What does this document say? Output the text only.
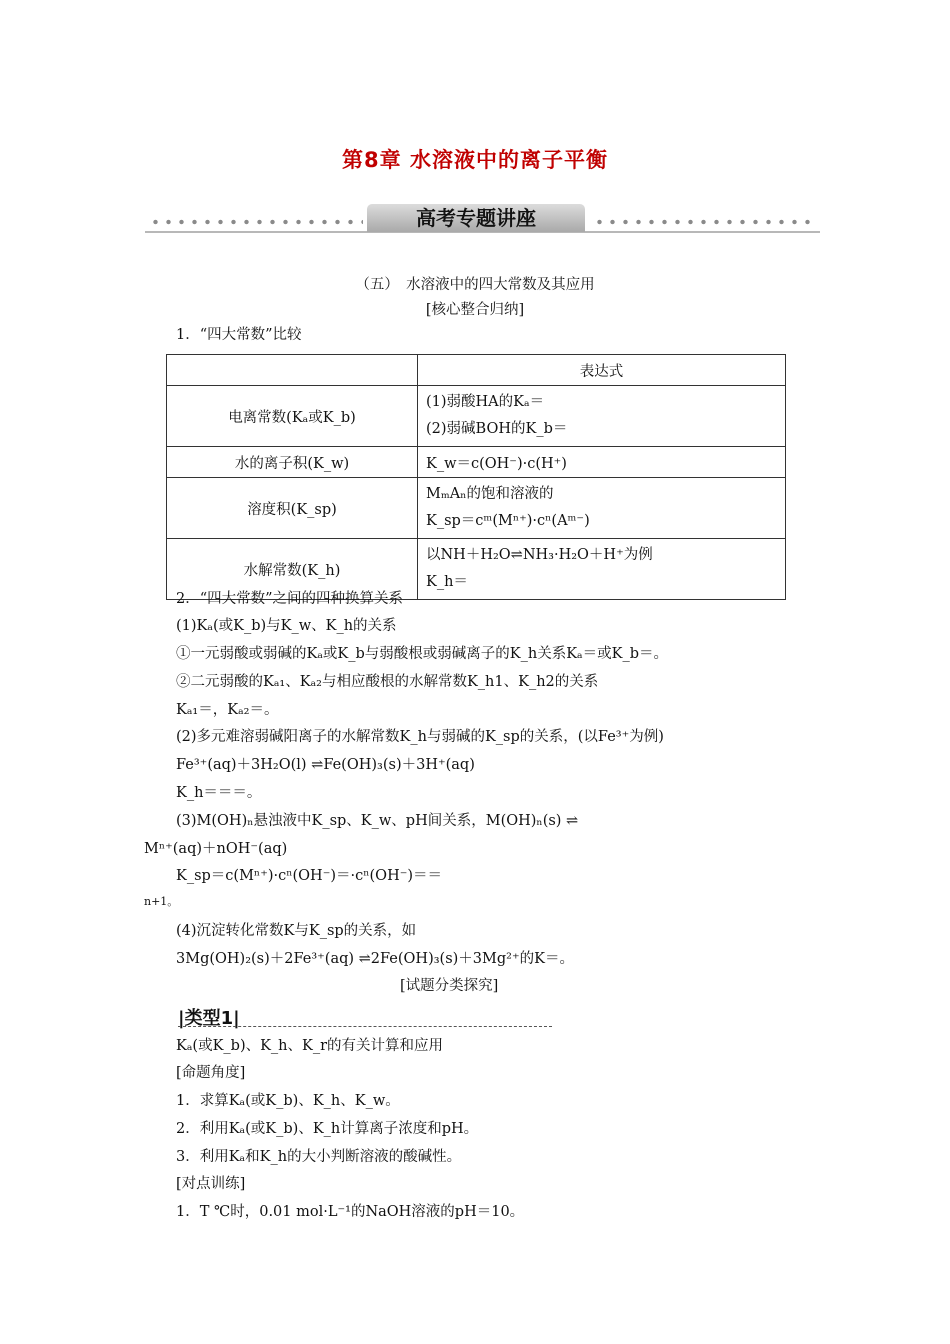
第8章 水溶液中的离子平衡
高考专题讲座
（五）　水溶液中的四大常数及其应用
[核心整合归纳]
1．“四大常数”比较
	表达式
电离常数(Kₐ或K_b)	(1)弱酸HA的Kₐ＝
(2)弱碱BOH的K_b＝

水的离子积(K_w)	K_w＝c(OH⁻)·c(H⁺)

溶度积(K_sp)	MₘAₙ的饱和溶液的
K_sp＝cᵐ(Mⁿ⁺)·cⁿ(Aᵐ⁻)

水解常数(K_h)	以NH＋H₂O⇌NH₃·H₂O＋H⁺为例
K_h＝
2．“四大常数”之间的四种换算关系
(1)Kₐ(或K_b)与K_w、K_h的关系
①一元弱酸或弱碱的Kₐ或K_b与弱酸根或弱碱离子的K_h关系Kₐ＝或K_b＝。
②二元弱酸的Kₐ₁、Kₐ₂与相应酸根的水解常数K_h1、K_h2的关系
Kₐ₁＝，Kₐ₂＝。
(2)多元难溶弱碱阳离子的水解常数K_h与弱碱的K_sp的关系，(以Fe³⁺为例)
Fe³⁺(aq)＋3H₂O(l) ⇌Fe(OH)₃(s)＋3H⁺(aq)
K_h＝＝＝。
(3)M(OH)ₙ悬浊液中K_sp、K_w、pH间关系，M(OH)ₙ(s) ⇌
Mⁿ⁺(aq)＋nOH⁻(aq)
K_sp＝c(Mⁿ⁺)·cⁿ(OH⁻)＝·cⁿ(OH⁻)＝＝
n+1。
(4)沉淀转化常数K与K_sp的关系，如
3Mg(OH)₂(s)＋2Fe³⁺(aq) ⇌2Fe(OH)₃(s)＋3Mg²⁺的K＝。
[试题分类探究]
|类型1|
Kₐ(或K_b)、K_h、K_r的有关计算和应用
[命题角度]
1．求算Kₐ(或K_b)、K_h、K_w。
2．利用Kₐ(或K_b)、K_h计算离子浓度和pH。
3．利用Kₐ和K_h的大小判断溶液的酸碱性。
[对点训练]
1．T ℃时，0.01 mol·L⁻¹的NaOH溶液的pH＝10。
